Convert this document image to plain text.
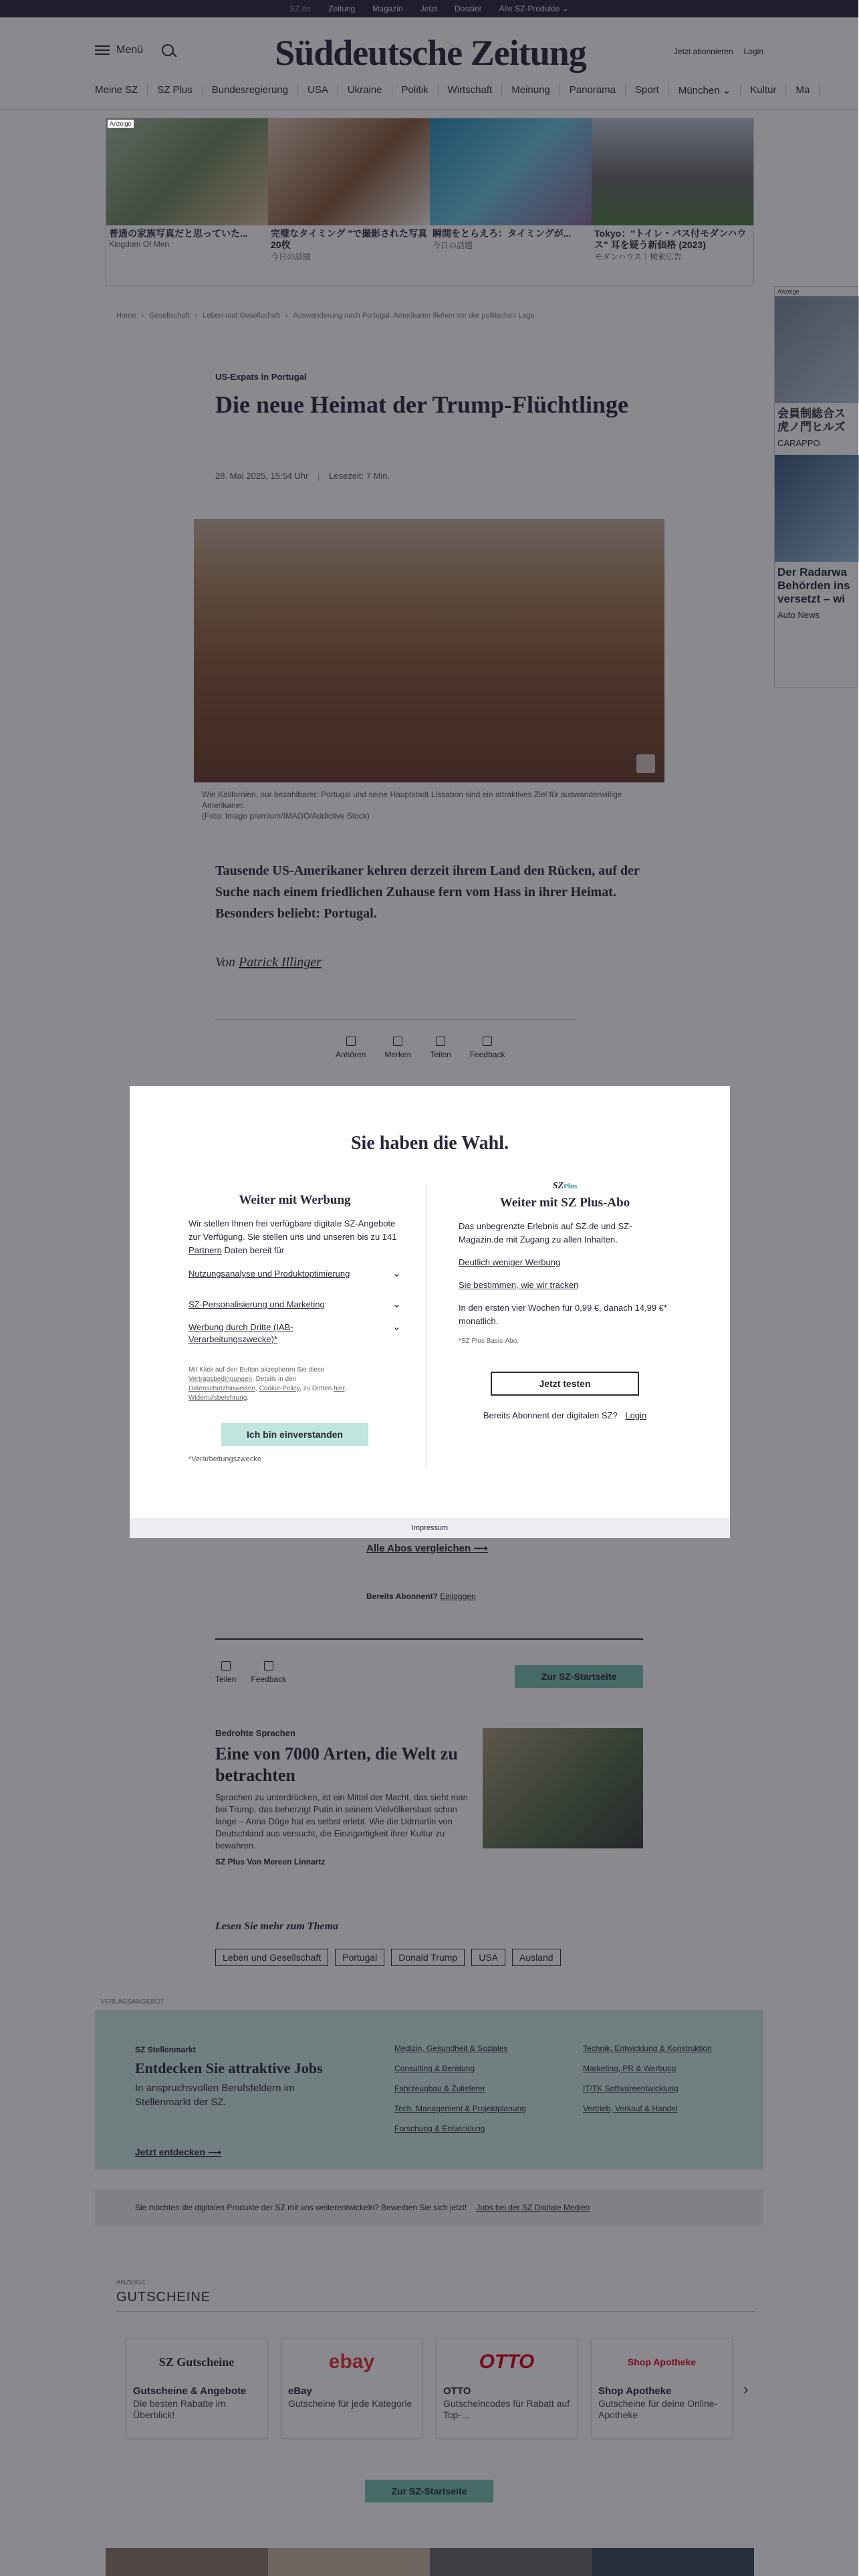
Anzeige

Sie haben die Wahl.
Weiter mit Werbung

Wir stellen Ihnen frei verfügbare digitale SZ-Angebote zur Verfügung. Sie stellen uns und unseren bis zu 141 Partnern Daten bereit für

Nutzungsanalyse und Produktoptimierung	⌄
SZ-Personalisierung und Marketing	⌄
Werbung durch Dritte (IAB-Verarbeitungszwecke)*
⌄
Mit Klick auf den Button akzeptieren Sie diese Vertragsbedingungen. Details in den Datenschutzhinweisen, Cookie-Policy, zu Dritten hier, Widerrufsbelehrung.
Ich bin einverstanden
*Verarbeitungszwecke
SZPlus
Weiter mit SZ Plus-Abo

Das unbegrenzte Erlebnis auf SZ.de und SZ-Magazin.de mit Zugang zu allen Inhalten.

Deutlich weniger Werbung

Sie bestimmen, wie wir tracken

In den ersten vier Wochen für 0,99 €, danach 14,99 €* monatlich.

*SZ Plus Basis-Abo.
Jetzt testen
Bereits Abonnent der digitalen SZ? Login
Impressum
